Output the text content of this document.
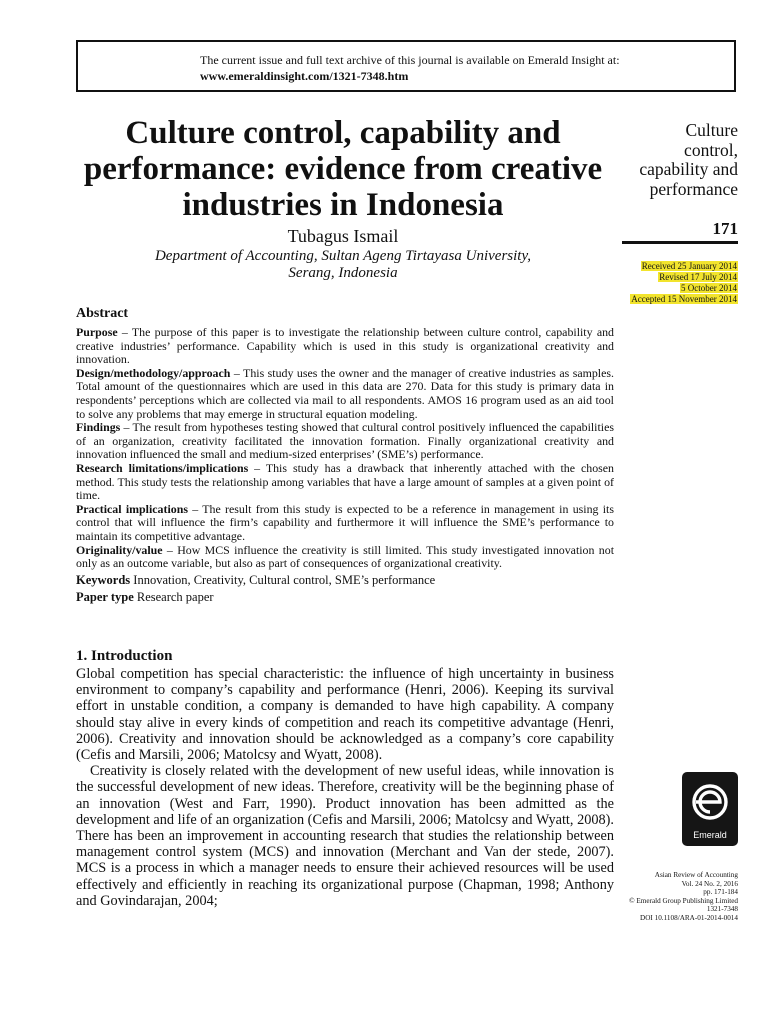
The current issue and full text archive of this journal is available on Emerald Insight at:
www.emeraldinsight.com/1321-7348.htm
Culture control, capability and performance: evidence from creative industries in Indonesia
Tubagus Ismail
Department of Accounting, Sultan Ageng Tirtayasa University,
Serang, Indonesia
Culture
control,
capability and
performance
171
Received 25 January 2014
Revised 17 July 2014
5 October 2014
Accepted 15 November 2014
Abstract

Purpose – The purpose of this paper is to investigate the relationship between culture control, capability and creative industries’ performance. Capability which is used in this study is organizational creativity and innovation.

Design/methodology/approach – This study uses the owner and the manager of creative industries as samples. Total amount of the questionnaires which are used in this data are 270. Data for this study is primary data in respondents’ perceptions which are collected via mail to all respondents. AMOS 16 program used as an aid tool to solve any problems that may emerge in structural equation modeling.

Findings – The result from hypotheses testing showed that cultural control positively influenced the capabilities of an organization, creativity facilitated the innovation formation. Finally organizational creativity and innovation influenced the small and medium-sized enterprises’ (SME’s) performance.

Research limitations/implications – This study has a drawback that inherently attached with the chosen method. This study tests the relationship among variables that have a large amount of samples at a given point of time.

Practical implications – The result from this study is expected to be a reference in management in using its control that will influence the firm’s capability and furthermore it will influence the SME’s performance to maintain its competitive advantage.

Originality/value – How MCS influence the creativity is still limited. This study investigated innovation not only as an outcome variable, but also as part of consequences of organizational creativity.

Keywords Innovation, Creativity, Cultural control, SME’s performance
Paper type Research paper
1. Introduction

Global competition has special characteristic: the influence of high uncertainty in business environment to company’s capability and performance (Henri, 2006). Keeping its survival effort in unstable condition, a company is demanded to have high capability. A company should stay alive in every kinds of competition and reach its competitive advantage (Henri, 2006). Creativity and innovation should be acknowledged as a company’s core capability (Cefis and Marsili, 2006; Matolcsy and Wyatt, 2008).

Creativity is closely related with the development of new useful ideas, while innovation is the successful development of new ideas. Therefore, creativity will be the beginning phase of an innovation (West and Farr, 1990). Product innovation has been admitted as the development and life of an organization (Cefis and Marsili, 2006; Matolcsy and Wyatt, 2008). There has been an improvement in accounting research that studies the relationship between management control system (MCS) and innovation (Merchant and Van der stede, 2007). MCS is a process in which a manager needs to ensure their achieved resources will be used effectively and efficiently in reaching its organizational purpose (Chapman, 1998; Anthony and Govindarajan, 2004;

Emerald
Asian Review of Accounting
Vol. 24 No. 2, 2016
pp. 171-184
© Emerald Group Publishing Limited
1321-7348
DOI 10.1108/ARA-01-2014-0014
